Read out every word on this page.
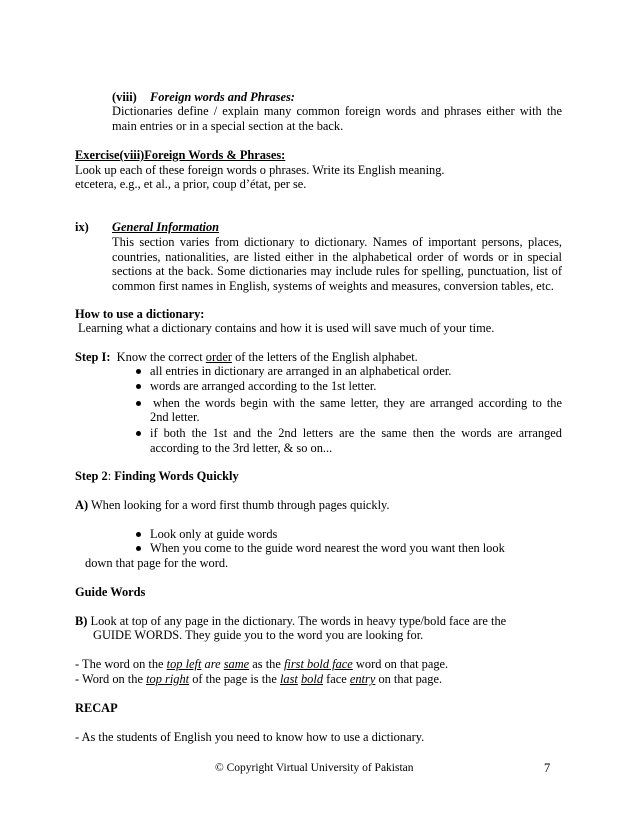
(viii) Foreign words and Phrases:
Dictionaries define / explain many common foreign words and phrases either with the
main entries or in a special section at the back.
Exercise(viii)Foreign Words & Phrases:
Look up each of these foreign words o phrases. Write its English meaning.
etcetera, e.g., et al., a prior, coup d’état, per se.
ix) General Information
This section varies from dictionary to dictionary. Names of important persons, places,
countries, nationalities, are listed either in the alphabetical order of words or in special
sections at the back. Some dictionaries may include rules for spelling, punctuation, list of
common first names in English, systems of weights and measures, conversion tables, etc.
How to use a dictionary:
Learning what a dictionary contains and how it is used will save much of your time.
Step I: Know the correct order of the letters of the English alphabet.
all entries in dictionary are arranged in an alphabetical order.
words are arranged according to the 1st letter.
when the words begin with the same letter, they are arranged according to the
2nd letter.
if both the 1st and the 2nd letters are the same then the words are arranged
according to the 3rd letter, & so on...
Step 2: Finding Words Quickly
A) When looking for a word first thumb through pages quickly.
Look only at guide words
When you come to the guide word nearest the word you want then look
down that page for the word.
Guide Words
B) Look at top of any page in the dictionary. The words in heavy type/bold face are the
GUIDE WORDS. They guide you to the word you are looking for.
- The word on the top left are same as the first bold face word on that page.
- Word on the top right of the page is the last bold face entry on that page.
RECAP
- As the students of English you need to know how to use a dictionary.
© Copyright Virtual University of Pakistan	7
